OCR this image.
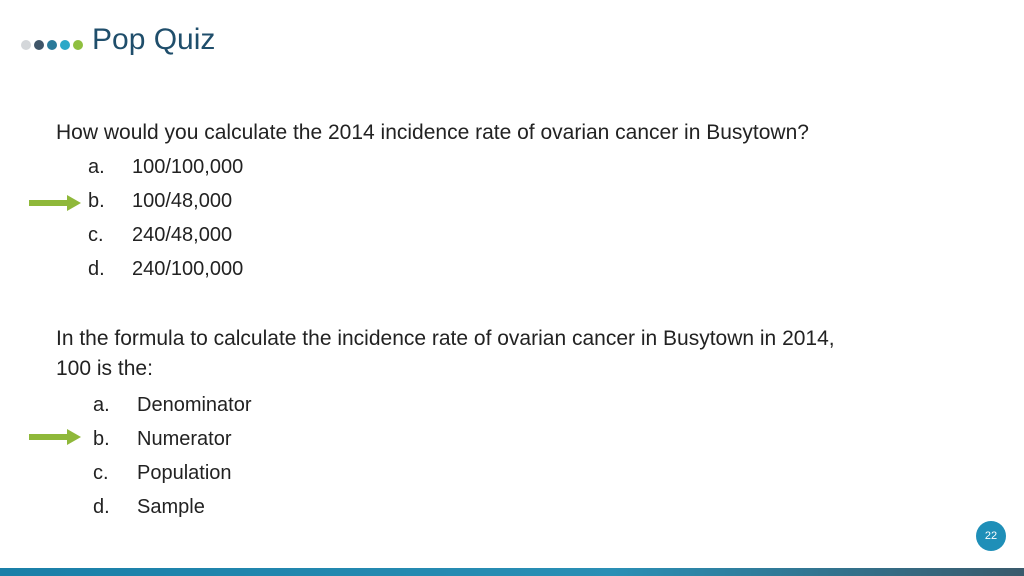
Pop Quiz
How would you calculate the 2014 incidence rate of ovarian cancer in Busytown?
a. 100/100,000
b. 100/48,000
c. 240/48,000
d. 240/100,000
In the formula to calculate the incidence rate of ovarian cancer in Busytown in 2014,
100 is the:
a. Denominator
b. Numerator
c. Population
d. Sample
22
